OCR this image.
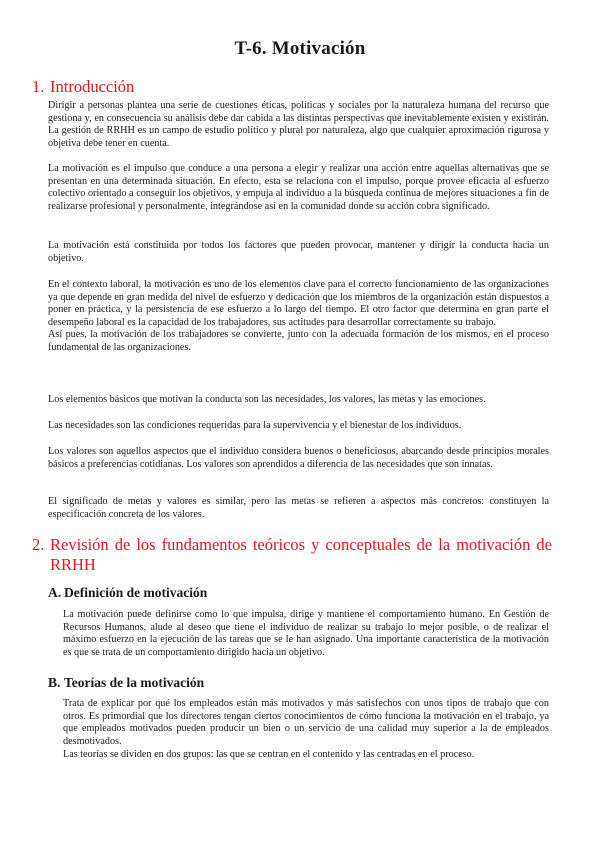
T-6. Motivación
1. Introducción

Dirigir a personas plantea una serie de cuestiones éticas, políticas y sociales por la naturaleza humana del recurso que gestiona y, en consecuencia su análisis debe dar cabida a las distintas perspectivas que inevitablemente existen y existirán. La gestión de RRHH es un campo de estudio político y plural por naturaleza, algo que cualquier aproximación rigurosa y objetiva debe tener en cuenta.

La motivación es el impulso que conduce a una persona a elegir y realizar una acción entre aquellas alternativas que se presentan en una determinada situación. En efecto, esta se relaciona con el impulso, porque provee eficacia al esfuerzo colectivo orientado a conseguir los objetivos, y empuja al individuo a la búsqueda continua de mejores situaciones a fin de realizarse profesional y personalmente, integrándose así en la comunidad donde su acción cobra significado.

La motivación está constituida por todos los factores que pueden provocar, mantener y dirigir la conducta hacia un objetivo.

En el contexto laboral, la motivación es uno de los elementos clave para el correcto funcionamiento de las organizaciones ya que depende en gran medida del nivel de esfuerzo y dedicación que los miembros de la organización están dispuestos a poner en práctica, y la persistencia de ese esfuerzo a lo largo del tiempo. El otro factor que determina en gran parte el desempeño laboral es la capacidad de los trabajadores, sus actitudes para desarrollar correctamente su trabajo.

Así pues, la motivación de los trabajadores se convierte, junto con la adecuada formación de los mismos, en el proceso fundamental de las organizaciones.

Los elementos básicos que motivan la conducta son las necesidades, los valores, las metas y las emociones.

Las necesidades son las condiciones requeridas para la supervivencia y el bienestar de los individuos.

Los valores son aquellos aspectos que el individuo considera buenos o beneficiosos, abarcando desde principios morales básicos a preferencias cotidianas. Los valores son aprendidos a diferencia de las necesidades que son innatas.

El significado de metas y valores es similar, pero las metas se refieren a aspectos más concretos: constituyen la especificación concreta de los valores.

2. Revisión de los fundamentos teóricos y conceptuales de la motivación de RRHH
A. Definición de motivación

La motivación puede definirse como lo que impulsa, dirige y mantiene el comportamiento humano. En Gestión de Recursos Humanos, alude al deseo que tiene el individuo de realizar su trabajo lo mejor posible, o de realizar el máximo esfuerzo en la ejecución de las tareas que se le han asignado. Una importante característica de la motivación es que se trata de un comportamiento dirigido hacia un objetivo.

B. Teorías de la motivación

Trata de explicar por qué los empleados están más motivados y más satisfechos con unos tipos de trabajo que con otros. Es primordial que los directores tengan ciertos conocimientos de cómo funciona la motivación en el trabajo, ya que empleados motivados pueden producir un bien o un servicio de una calidad muy superior a la de empleados desmotivados.

Las teorías se dividen en dos grupos: las que se centran en el contenido y las centradas en el proceso.
